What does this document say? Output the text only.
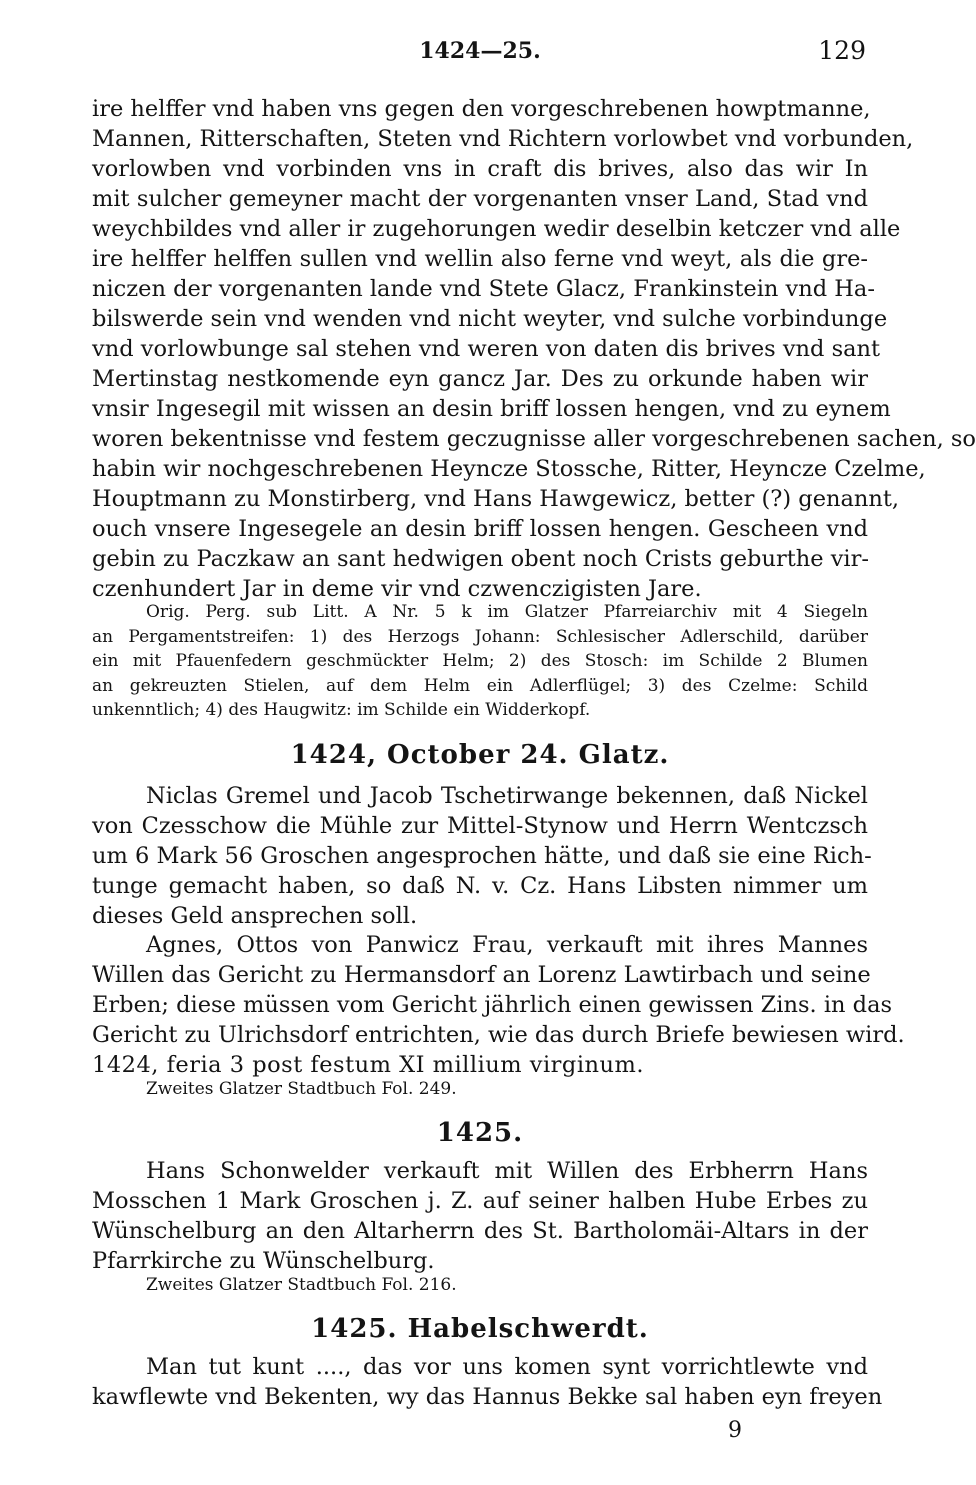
1424—25.	129
ire helffer vnd haben vns gegen den vorgeschrebenen howptmanne,
Mannen, Ritterschaften, Steten vnd Richtern vorlowbet vnd vorbunden,
vorlowben vnd vorbinden vns in craft dis brives, also das wir In
mit sulcher gemeyner macht der vorgenanten vnser Land, Stad vnd
weychbildes vnd aller ir zugehorungen wedir deselbin ketczer vnd alle
ire helffer helffen sullen vnd wellin also ferne vnd weyt, als die gre-
niczen der vorgenanten lande vnd Stete Glacz, Frankinstein vnd Ha-
bilswerde sein vnd wenden vnd nicht weyter, vnd sulche vorbindunge
vnd vorlowbunge sal stehen vnd weren von daten dis brives vnd sant
Mertinstag nestkomende eyn gancz Jar. Des zu orkunde haben wir
vnsir Ingesegil mit wissen an desin briff lossen hengen, vnd zu eynem
woren bekentnisse vnd festem geczugnisse aller vorgeschrebenen sachen, so
habin wir nochgeschrebenen Heyncze Stossche, Ritter, Heyncze Czelme,
Houptmann zu Monstirberg, vnd Hans Hawgewicz, better (?) genannt,
ouch vnsere Ingesegele an desin briff lossen hengen. Gescheen vnd
gebin zu Paczkaw an sant hedwigen obent noch Crists geburthe vir-
czenhundert Jar in deme vir vnd czwenczigisten Jare.
Orig. Perg. sub Litt. A Nr. 5 k im Glatzer Pfarreiarchiv mit 4 Siegeln
an Pergamentstreifen: 1) des Herzogs Johann: Schlesischer Adlerschild, darüber
ein mit Pfauenfedern geschmückter Helm; 2) des Stosch: im Schilde 2 Blumen
an gekreuzten Stielen, auf dem Helm ein Adlerflügel; 3) des Czelme: Schild
unkenntlich; 4) des Haugwitz: im Schilde ein Widderkopf.
1424, October 24. Glatz.
Niclas Gremel und Jacob Tschetirwange bekennen, daß Nickel
von Czesschow die Mühle zur Mittel-Stynow und Herrn Wentczsch
um 6 Mark 56 Groschen angesprochen hätte, und daß sie eine Rich-
tunge gemacht haben, so daß N. v. Cz. Hans Libsten nimmer um
dieses Geld ansprechen soll.
Agnes, Ottos von Panwicz Frau, verkauft mit ihres Mannes
Willen das Gericht zu Hermansdorf an Lorenz Lawtirbach und seine
Erben; diese müssen vom Gericht jährlich einen gewissen Zins. in das
Gericht zu Ulrichsdorf entrichten, wie das durch Briefe bewiesen wird.
1424, feria 3 post festum XI millium virginum.
Zweites Glatzer Stadtbuch Fol. 249.
1425.
Hans Schonwelder verkauft mit Willen des Erbherrn Hans
Mosschen 1 Mark Groschen j. Z. auf seiner halben Hube Erbes zu
Wünschelburg an den Altarherrn des St. Bartholomäi-Altars in der
Pfarrkirche zu Wünschelburg.
Zweites Glatzer Stadtbuch Fol. 216.
1425. Habelschwerdt.
Man tut kunt ...., das vor uns komen synt vorrichtlewte vnd
kawflewte vnd Bekenten, wy das Hannus Bekke sal haben eyn freyen
9
